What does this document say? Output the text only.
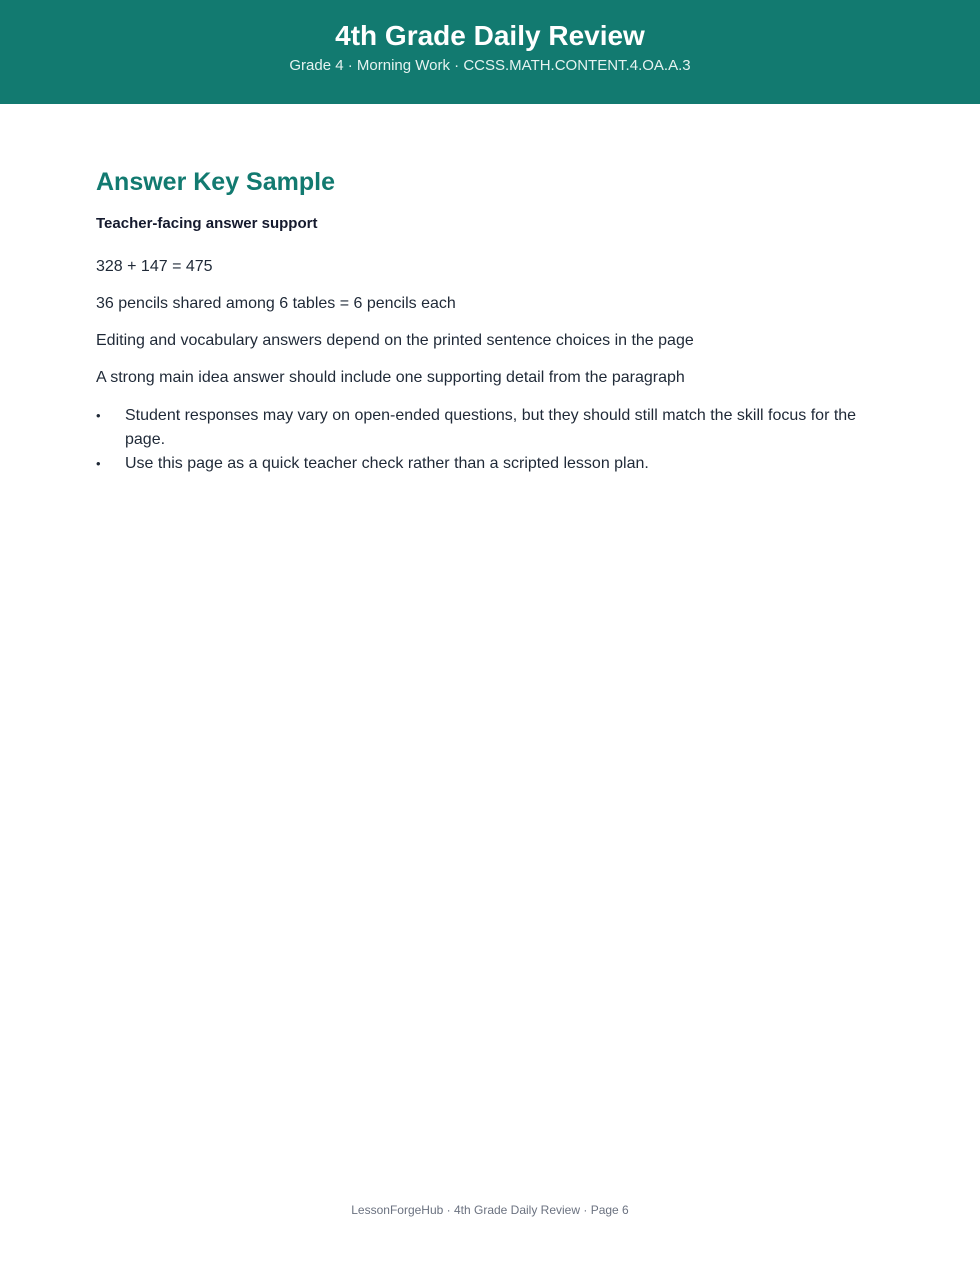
4th Grade Daily Review

Grade 4 · Morning Work · CCSS.MATH.CONTENT.4.OA.A.3

Answer Key Sample

Teacher-facing answer support

328 + 147 = 475
36 pencils shared among 6 tables = 6 pencils each
Editing and vocabulary answers depend on the printed sentence choices in the page
A strong main idea answer should include one supporting detail from the paragraph
•	Student responses may vary on open-ended questions, but they should still match the skill focus for the page.
•	Use this page as a quick teacher check rather than a scripted lesson plan.
LessonForgeHub · 4th Grade Daily Review · Page 6
